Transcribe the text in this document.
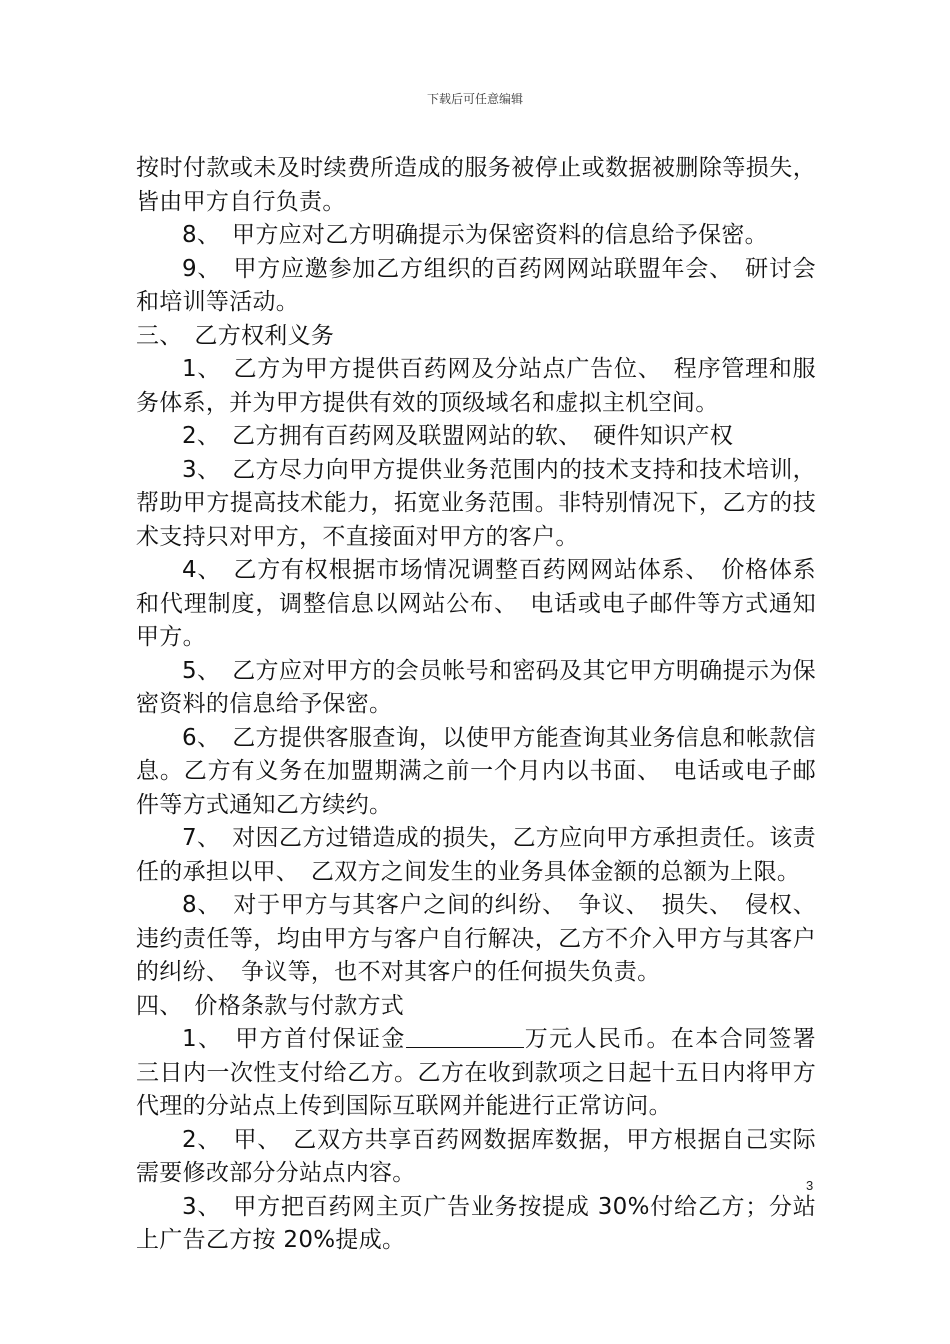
下载后可任意编辑

按时付款或未及时续费所造成的服务被停止或数据被删除等损失，皆由甲方自行负责。

8、　甲方应对乙方明确提示为保密资料的信息给予保密。

9、　甲方应邀参加乙方组织的百药网网站联盟年会、　研讨会和培训等活动。

三、　乙方权利义务

1、　乙方为甲方提供百药网及分站点广告位、　程序管理和服务体系，并为甲方提供有效的顶级域名和虚拟主机空间。

2、　乙方拥有百药网及联盟网站的软、　硬件知识产权

3、　乙方尽力向甲方提供业务范围内的技术支持和技术培训，帮助甲方提高技术能力，拓宽业务范围。非特别情况下，乙方的技术支持只对甲方，不直接面对甲方的客户。

4、　乙方有权根据市场情况调整百药网网站体系、　价格体系和代理制度，调整信息以网站公布、　电话或电子邮件等方式通知甲方。

5、　乙方应对甲方的会员帐号和密码及其它甲方明确提示为保密资料的信息给予保密。

6、　乙方提供客服查询，以使甲方能查询其业务信息和帐款信息。乙方有义务在加盟期满之前一个月内以书面、　电话或电子邮件等方式通知乙方续约。

7、　对因乙方过错造成的损失，乙方应向甲方承担责任。该责任的承担以甲、　乙双方之间发生的业务具体金额的总额为上限。

8、　对于甲方与其客户之间的纠纷、　争议、　损失、　侵权、违约责任等，均由甲方与客户自行解决，乙方不介入甲方与其客户的纠纷、　争议等，也不对其客户的任何损失负责。

四、　价格条款与付款方式

1、　甲方首付保证金	万元人民币。在本合同签署三日内一次性支付给乙方。乙方在收到款项之日起十五日内将甲方代理的分站点上传到国际互联网并能进行正常访问。

2、　甲、　乙双方共享百药网数据库数据，甲方根据自己实际需要修改部分分站点内容。

3、　甲方把百药网主页广告业务按提成 30%付给乙方；分站上广告乙方按 20%提成。

3
